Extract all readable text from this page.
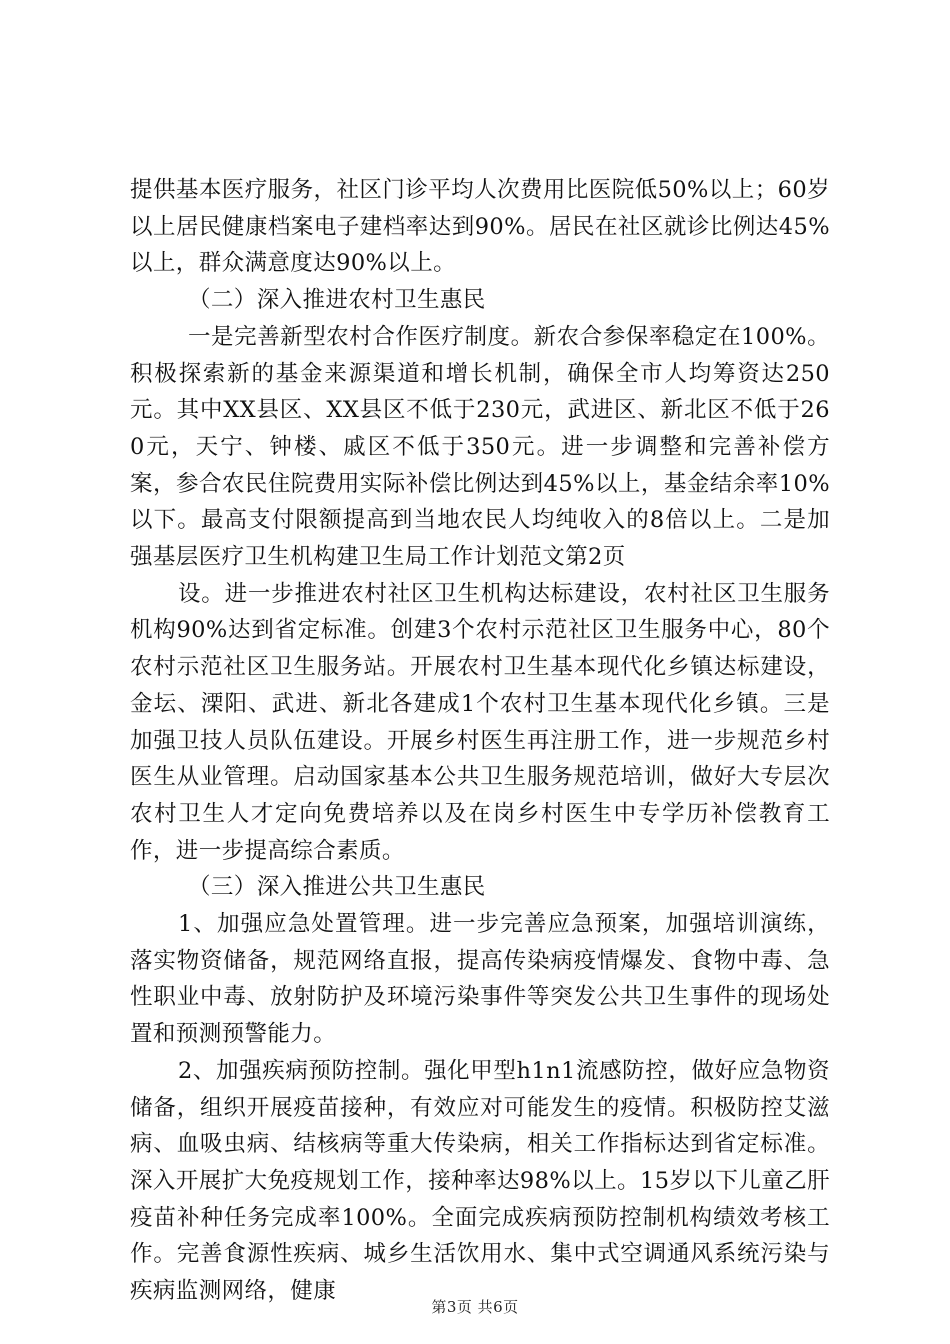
提供基本医疗服务，社区门诊平均人次费用比医院低50%以上；60岁以上居民健康档案电子建档率达到90%。居民在社区就诊比例达45%以上，群众满意度达90%以上。

（二）深入推进农村卫生惠民

一是完善新型农村合作医疗制度。新农合参保率稳定在100%。积极探索新的基金来源渠道和增长机制，确保全市人均筹资达250元。其中XX县区、XX县区不低于230元，武进区、新北区不低于260元，天宁、钟楼、戚区不低于350元。进一步调整和完善补偿方案，参合农民住院费用实际补偿比例达到45%以上，基金结余率10%以下。最高支付限额提高到当地农民人均纯收入的8倍以上。二是加强基层医疗卫生机构建卫生局工作计划范文第2页

设。进一步推进农村社区卫生机构达标建设，农村社区卫生服务机构90%达到省定标准。创建3个农村示范社区卫生服务中心，80个农村示范社区卫生服务站。开展农村卫生基本现代化乡镇达标建设，金坛、溧阳、武进、新北各建成1个农村卫生基本现代化乡镇。三是加强卫技人员队伍建设。开展乡村医生再注册工作，进一步规范乡村医生从业管理。启动国家基本公共卫生服务规范培训，做好大专层次农村卫生人才定向免费培养以及在岗乡村医生中专学历补偿教育工作，进一步提高综合素质。

（三）深入推进公共卫生惠民

1、加强应急处置管理。进一步完善应急预案，加强培训演练，落实物资储备，规范网络直报，提高传染病疫情爆发、食物中毒、急性职业中毒、放射防护及环境污染事件等突发公共卫生事件的现场处置和预测预警能力。

2、加强疾病预防控制。强化甲型h1n1流感防控，做好应急物资储备，组织开展疫苗接种，有效应对可能发生的疫情。积极防控艾滋病、血吸虫病、结核病等重大传染病，相关工作指标达到省定标准。深入开展扩大免疫规划工作，接种率达98%以上。15岁以下儿童乙肝疫苗补种任务完成率100%。全面完成疾病预防控制机构绩效考核工作。完善食源性疾病、城乡生活饮用水、集中式空调通风系统污染与疾病监测网络，健康

第3页 共6页
